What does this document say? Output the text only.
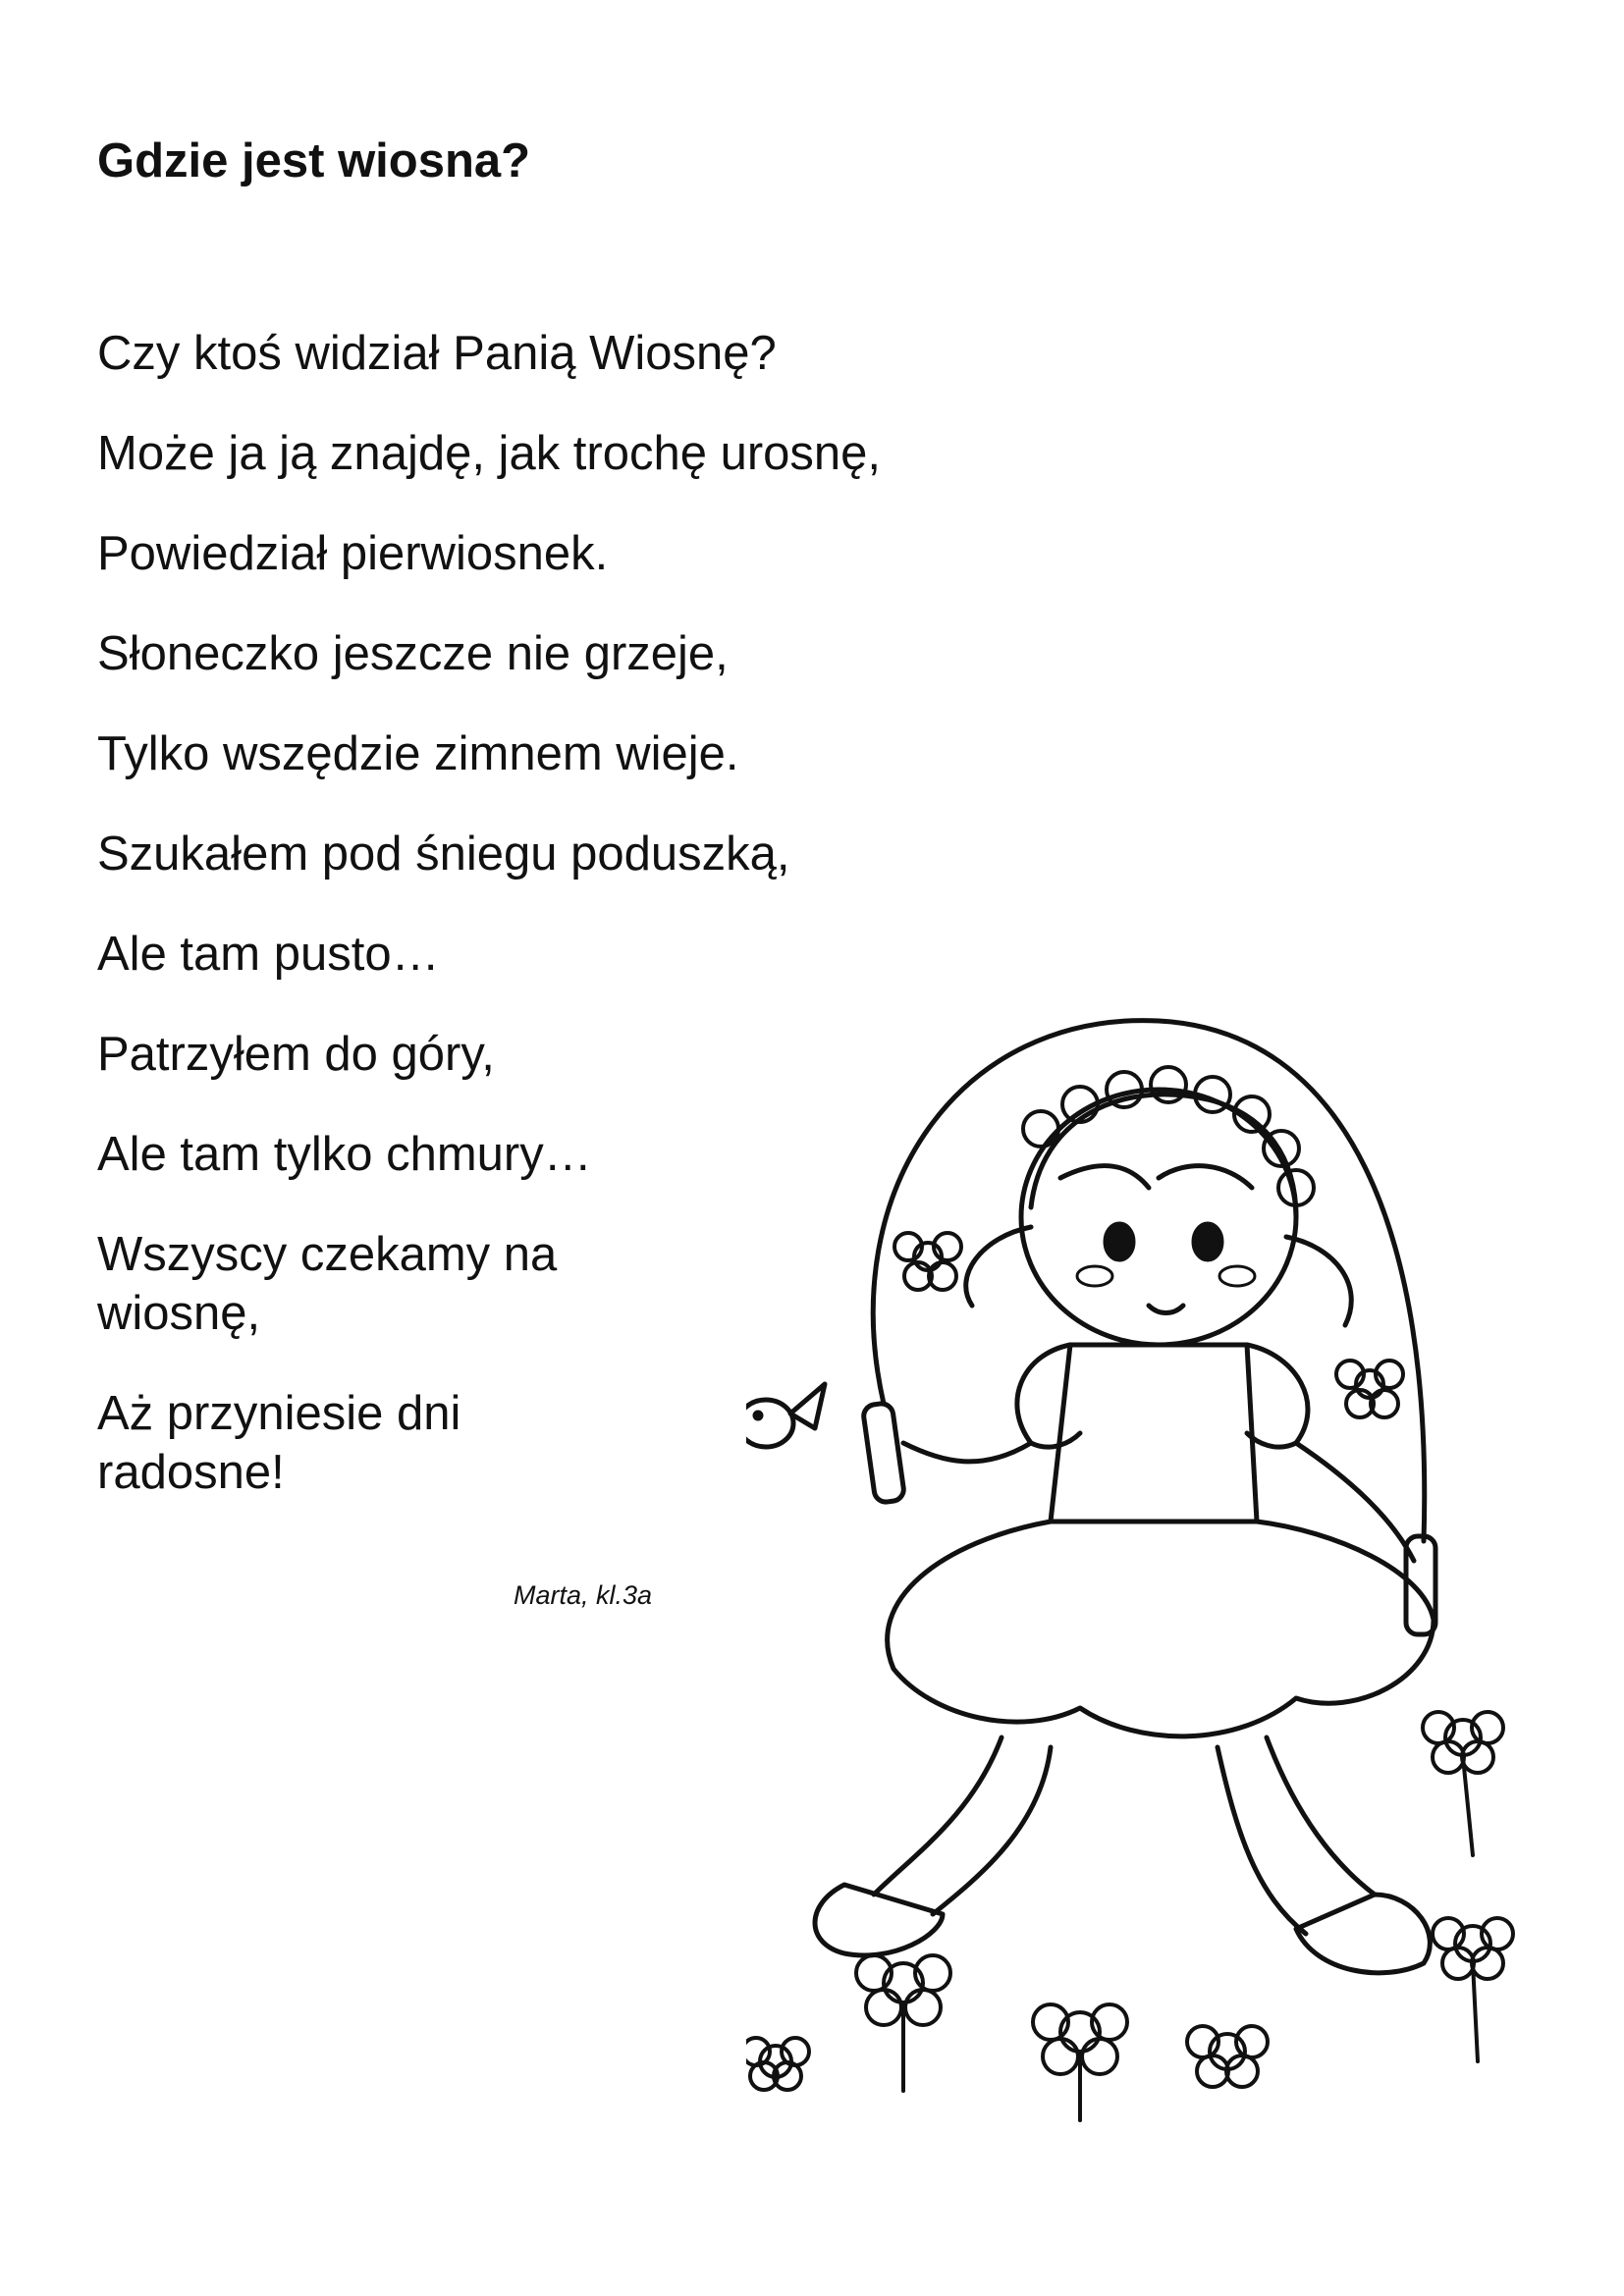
Gdzie jest wiosna?
Czy ktoś widział Panią Wiosnę?
Może ja ją znajdę, jak trochę urosnę,
Powiedział pierwiosnek.
Słoneczko jeszcze nie grzeje,
Tylko wszędzie zimnem wieje.
Szukałem pod śniegu poduszką,
Ale tam pusto…
Patrzyłem do góry,
Ale tam tylko chmury…
Wszyscy czekamy na wiosnę,
Aż przyniesie dni radosne!
Marta, kl.3a
